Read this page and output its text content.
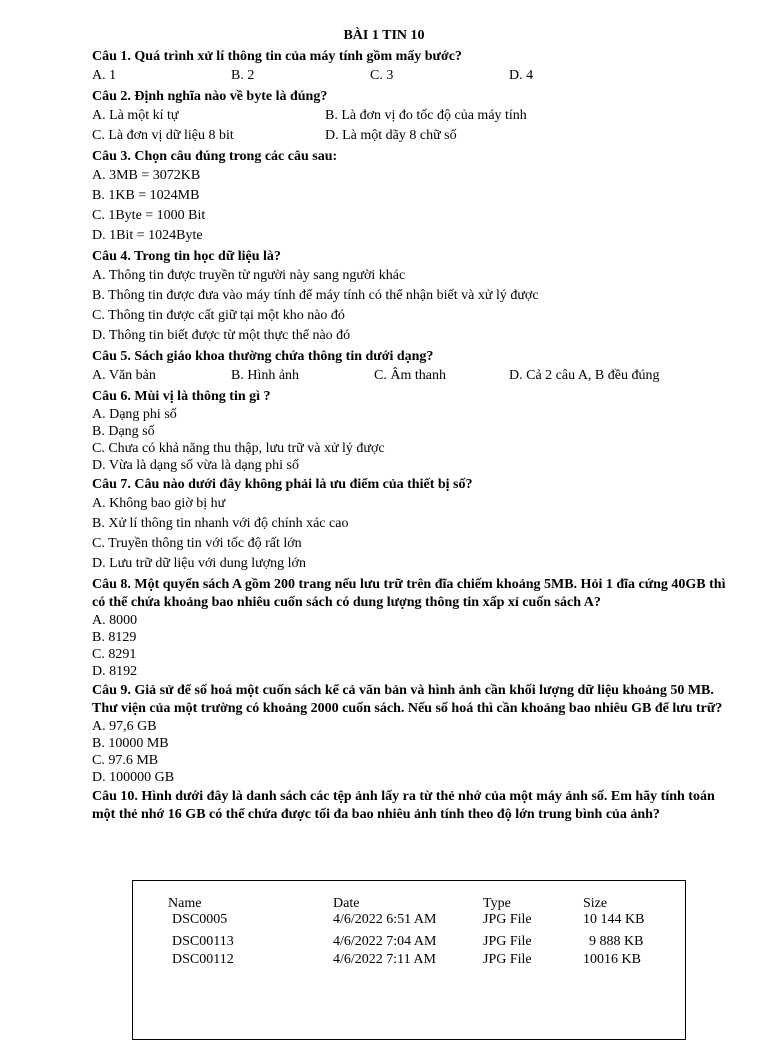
BÀI 1 TIN 10
Câu 1. Quá trình xử lí thông tin của máy tính gồm mấy bước?
A. 1	B. 2	C. 3	D. 4
Câu 2. Định nghĩa nào về byte là đúng?
A. Là một kí tự	B. Là đơn vị đo tốc độ của máy tính
C. Là đơn vị dữ liệu 8 bit	D. Là một dãy 8 chữ số
Câu 3. Chọn câu đúng trong các câu sau:
A. 3MB = 3072KB
B. 1KB = 1024MB
C. 1Byte = 1000 Bit
D. 1Bit = 1024Byte
Câu 4. Trong tin học dữ liệu là?
A. Thông tin được truyền từ người này sang người khác
B. Thông tin được đưa vào máy tính để máy tính có thể nhận biết và xử lý được
C. Thông tin được cất giữ tại một kho nào đó
D. Thông tin biết được từ một thực thể nào đó
Câu 5. Sách giáo khoa thường chứa thông tin dưới dạng?
A. Văn bản	B. Hình ảnh	C. Âm thanh	D. Cả 2 câu A, B đều đúng
Câu 6. Mùi vị là thông tin gì ?
A. Dạng phi số
B. Dạng số
C. Chưa có khả năng thu thập, lưu trữ và xử lý được
D. Vừa là dạng số vừa là dạng phi số
Câu 7. Câu nào dưới đây không phải là ưu điểm của thiết bị số?
A. Không bao giờ bị hư
B. Xử lí thông tin nhanh với độ chính xác cao
C. Truyền thông tin với tốc độ rất lớn
D. Lưu trữ dữ liệu với dung lượng lớn
Câu 8. Một quyển sách A gồm 200 trang nếu lưu trữ trên đĩa chiếm khoảng 5MB. Hỏi 1 đĩa cứng 40GB thì có thể chứa khoảng bao nhiêu cuốn sách có dung lượng thông tin xấp xỉ cuốn sách A?
A. 8000
B. 8129
C. 8291
D. 8192
Câu 9. Giả sử để số hoá một cuốn sách kể cả văn bản và hình ảnh cần khối lượng dữ liệu khoảng 50 MB. Thư viện của một trường có khoảng 2000 cuốn sách. Nếu số hoá thì cần khoảng bao nhiêu GB để lưu trữ?
A. 97,6 GB
B. 10000 MB
C. 97.6 MB
D. 100000 GB
Câu 10. Hình dưới đây là danh sách các tệp ảnh lấy ra từ thẻ nhớ của một máy ảnh số. Em hãy tính toán một thẻ nhớ 16 GB có thể chứa được tối đa bao nhiêu ảnh tính theo độ lớn trung bình của ảnh?
Name	Date	Type	Size
DSC0005	4/6/2022 6:51 AM	JPG File	10 144 KB
DSC00113	4/6/2022 7:04 AM	JPG File	9 888 KB
DSC00112	4/6/2022 7:11 AM	JPG File	10016 KB
